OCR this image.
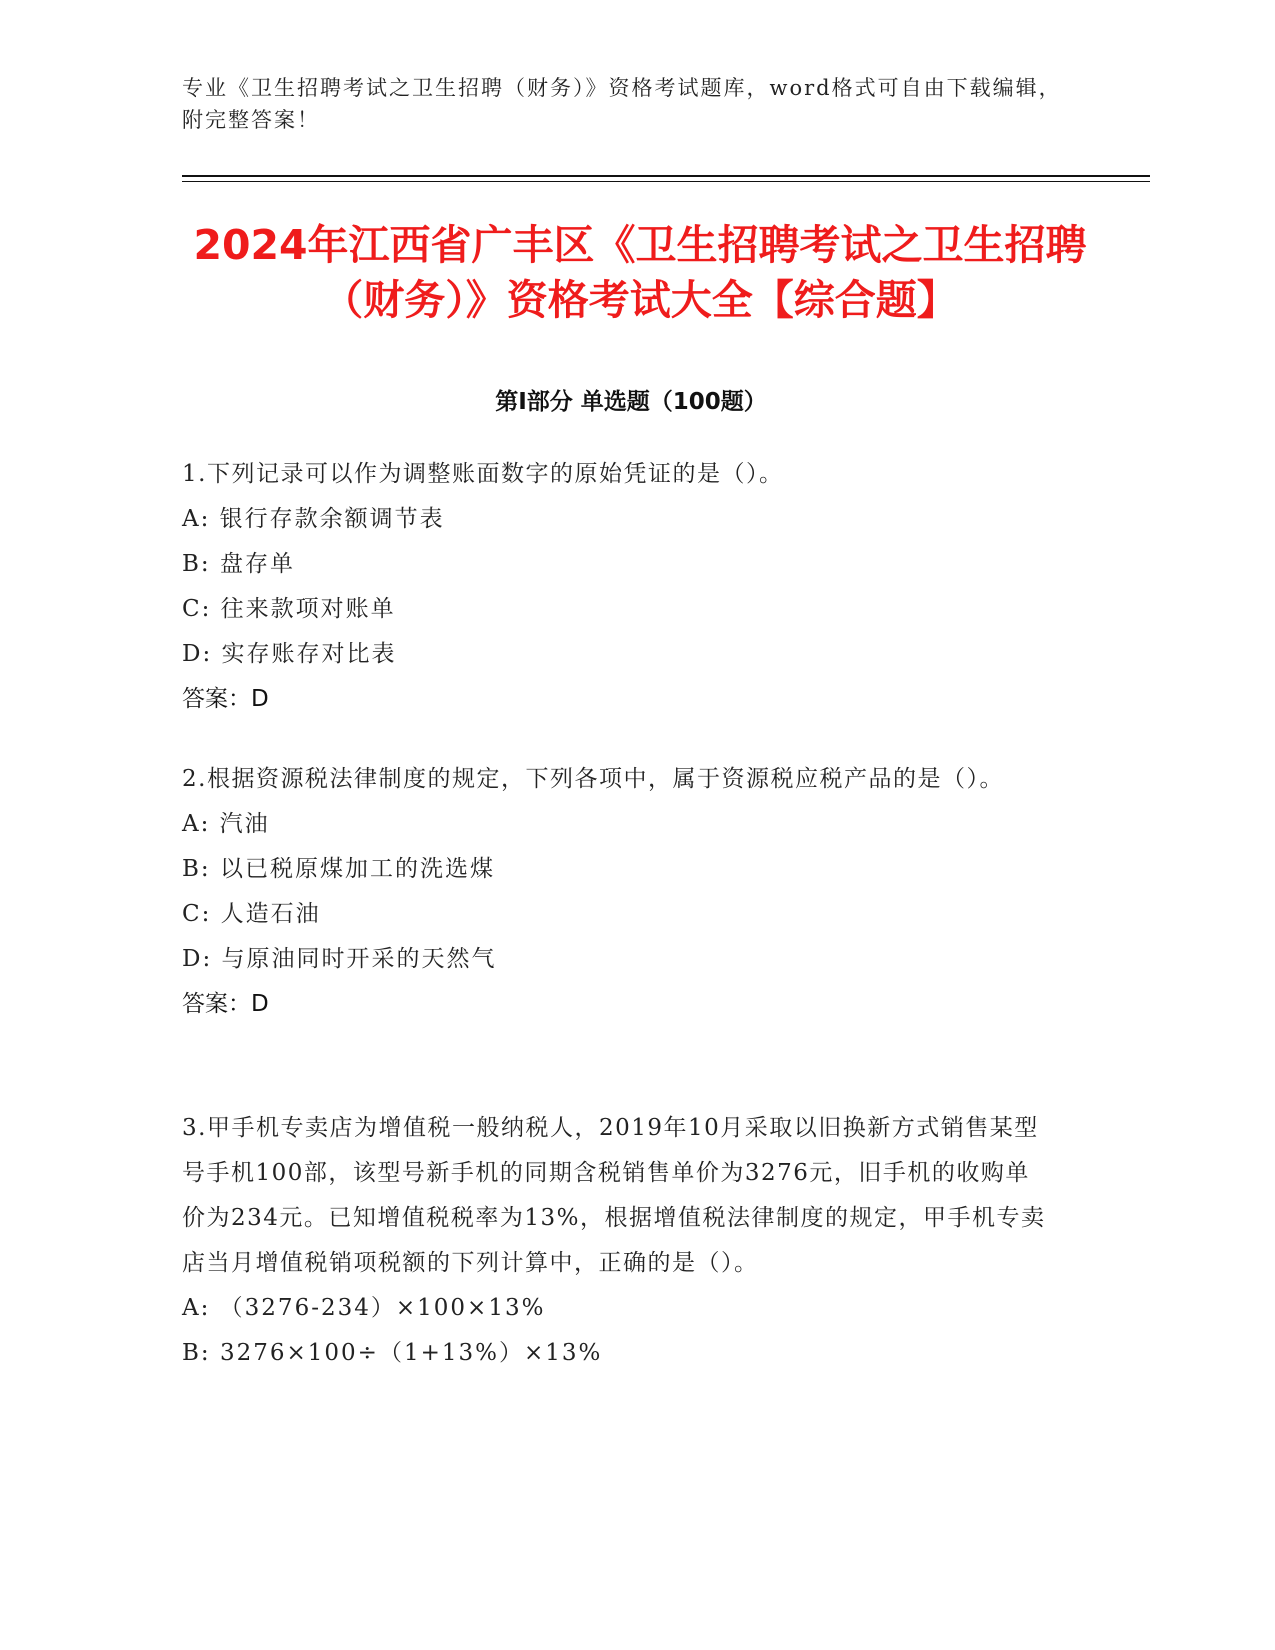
专业《卫生招聘考试之卫生招聘（财务）》资格考试题库，word格式可自由下载编辑，附完整答案！
2024年江西省广丰区《卫生招聘考试之卫生招聘（财务）》资格考试大全【综合题】
第Ⅰ部分 单选题（100题）

1.下列记录可以作为调整账面数字的原始凭证的是（）。

A: 银行存款余额调节表

B: 盘存单

C: 往来款项对账单

D: 实存账存对比表

答案：D

2.根据资源税法律制度的规定，下列各项中，属于资源税应税产品的是（）。

A: 汽油

B: 以已税原煤加工的洗选煤

C: 人造石油

D: 与原油同时开采的天然气

答案：D

3.甲手机专卖店为增值税一般纳税人，2019年10月采取以旧换新方式销售某型号手机100部，该型号新手机的同期含税销售单价为3276元，旧手机的收购单价为234元。已知增值税税率为13%，根据增值税法律制度的规定，甲手机专卖店当月增值税销项税额的下列计算中，正确的是（）。

A: （3276-234）×100×13%

B: 3276×100÷（1+13%）×13%
